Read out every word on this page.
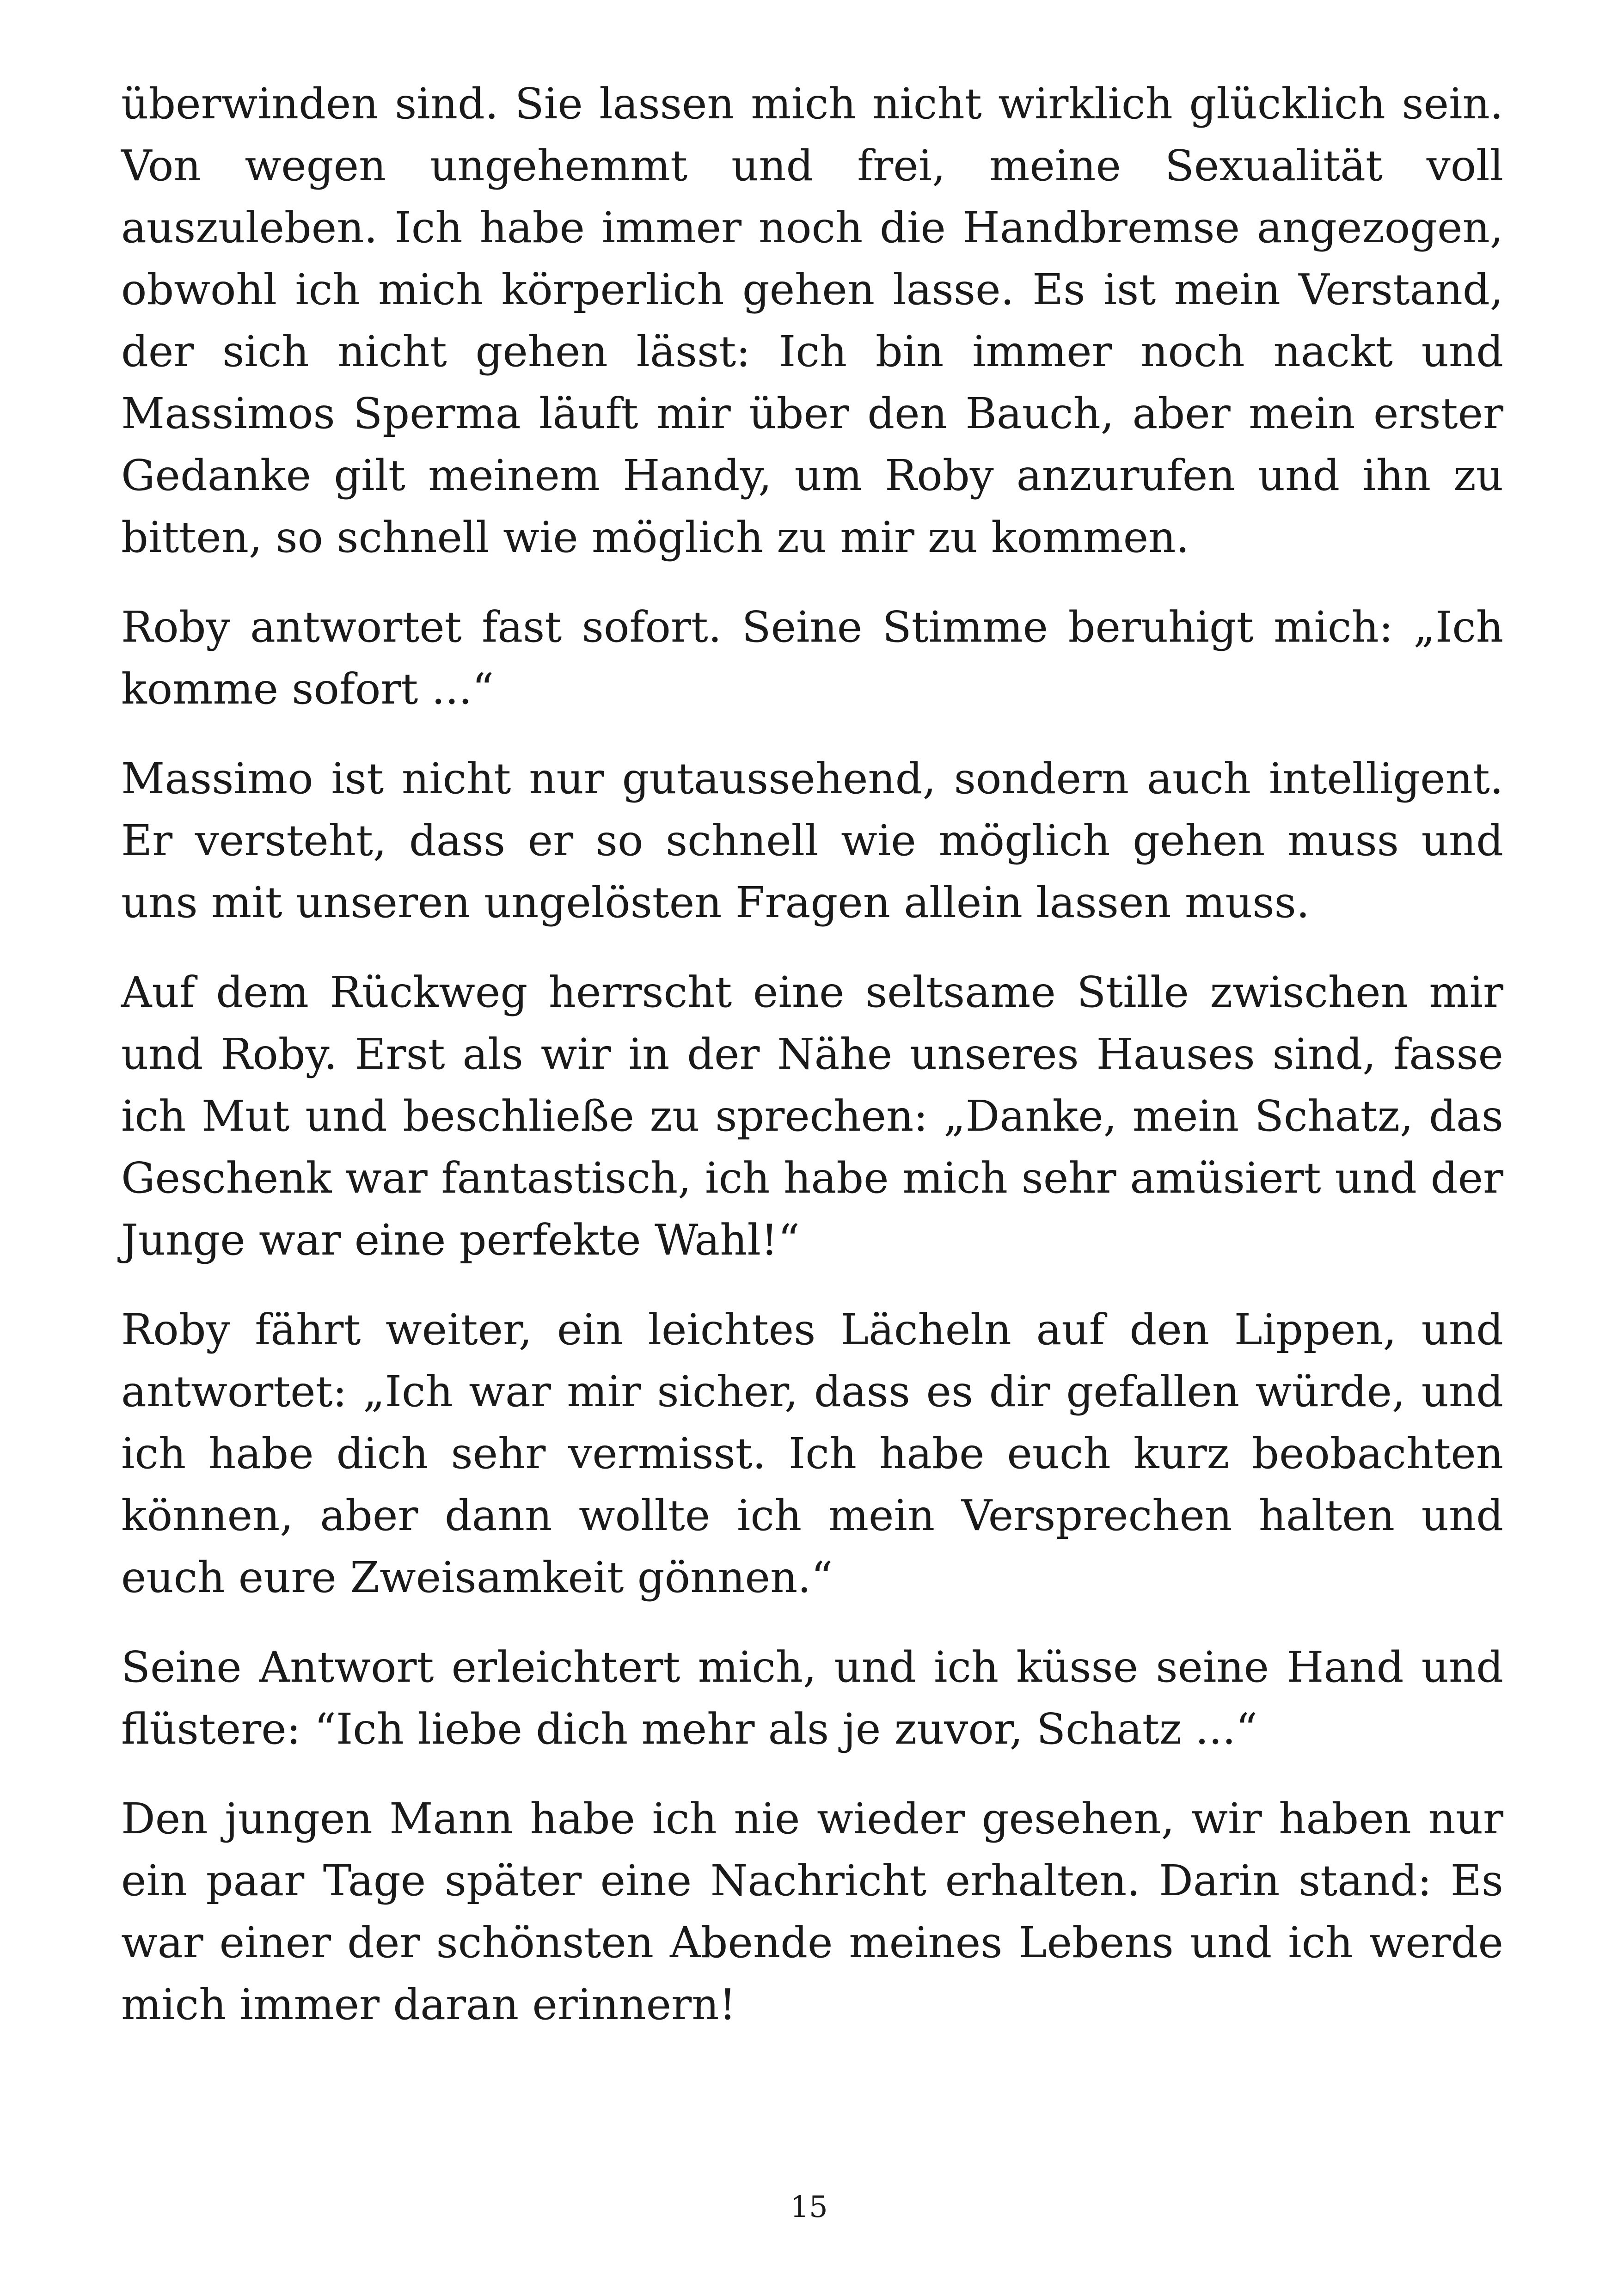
überwinden sind. Sie lassen mich nicht wirklich glücklich sein. Von wegen ungehemmt und frei, meine Sexualität voll auszuleben. Ich habe immer noch die Handbremse angezogen, obwohl ich mich körperlich gehen lasse. Es ist mein Verstand, der sich nicht gehen lässt: Ich bin immer noch nackt und Massimos Sperma läuft mir über den Bauch, aber mein erster Gedanke gilt meinem Handy, um Roby anzurufen und ihn zu bitten, so schnell wie möglich zu mir zu kommen.

Roby antwortet fast sofort. Seine Stimme beruhigt mich: „Ich komme sofort ...“

Massimo ist nicht nur gutaussehend, sondern auch intelligent. Er versteht, dass er so schnell wie möglich gehen muss und uns mit unseren ungelösten Fragen allein lassen muss.

Auf dem Rückweg herrscht eine seltsame Stille zwischen mir und Roby. Erst als wir in der Nähe unseres Hauses sind, fasse ich Mut und beschließe zu sprechen: „Danke, mein Schatz, das Geschenk war fantastisch, ich habe mich sehr amüsiert und der Junge war eine perfekte Wahl!“

Roby fährt weiter, ein leichtes Lächeln auf den Lippen, und antwortet: „Ich war mir sicher, dass es dir gefallen würde, und ich habe dich sehr vermisst. Ich habe euch kurz beobachten können, aber dann wollte ich mein Versprechen halten und euch eure Zweisamkeit gönnen.“

Seine Antwort erleichtert mich, und ich küsse seine Hand und flüstere: “Ich liebe dich mehr als je zuvor, Schatz ...“

Den jungen Mann habe ich nie wieder gesehen, wir haben nur ein paar Tage später eine Nachricht erhalten. Darin stand: Es war einer der schönsten Abende meines Lebens und ich werde mich immer daran erinnern!

15
